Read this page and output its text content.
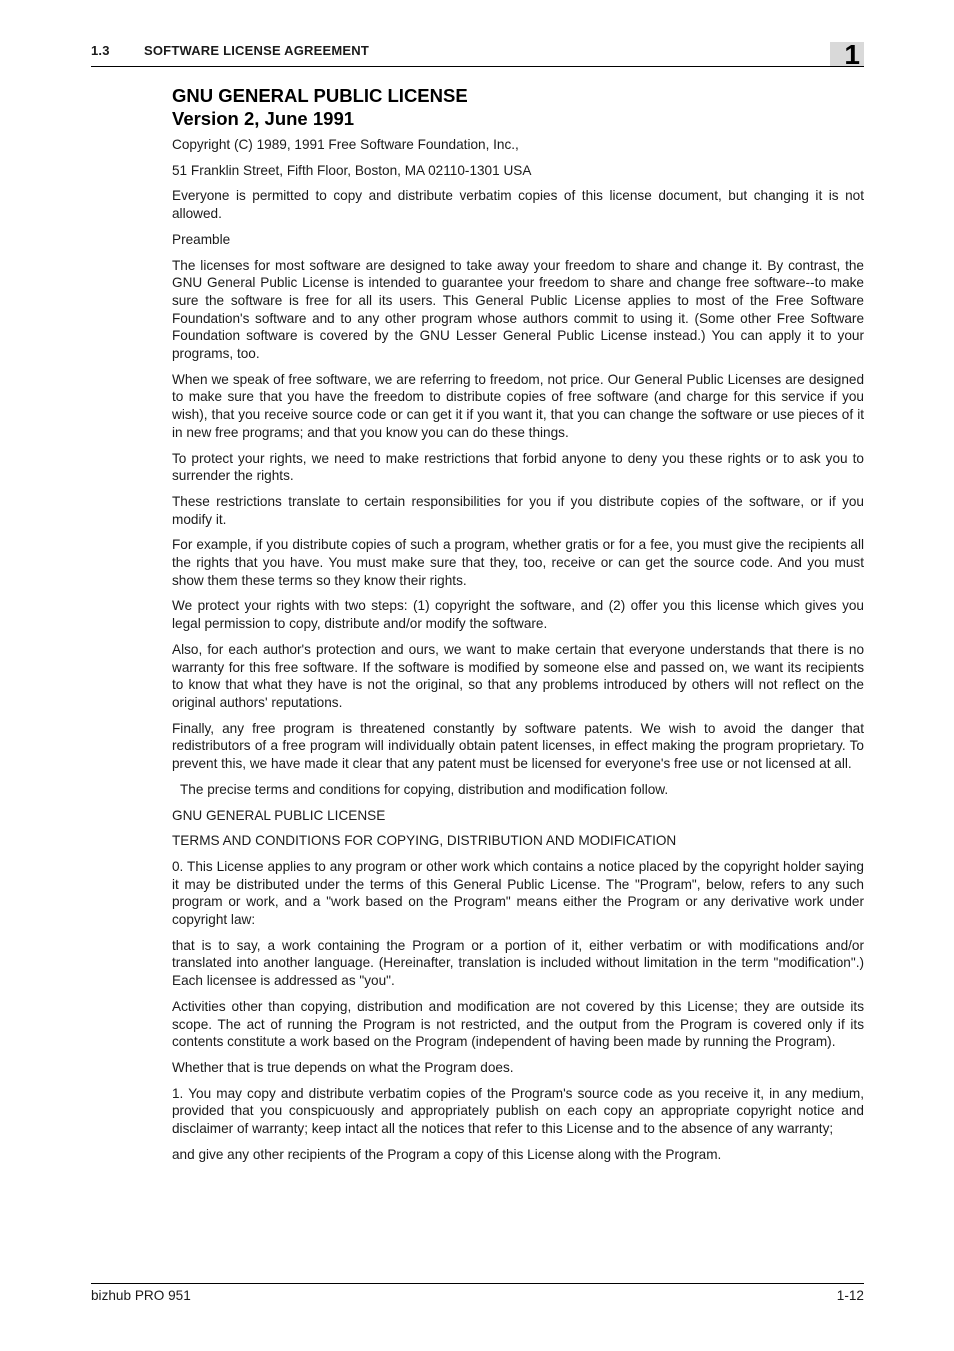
1.3	SOFTWARE LICENSE AGREEMENT	1
GNU GENERAL PUBLIC LICENSE
Version 2, June 1991

Copyright (C) 1989, 1991 Free Software Foundation, Inc.,

51 Franklin Street, Fifth Floor, Boston, MA 02110-1301 USA

Everyone is permitted to copy and distribute verbatim copies of this license document, but changing it is not allowed.

Preamble

The licenses for most software are designed to take away your freedom to share and change it. By contrast, the GNU General Public License is intended to guarantee your freedom to share and change free software--to make sure the software is free for all its users. This General Public License applies to most of the Free Software Foundation's software and to any other program whose authors commit to using it. (Some other Free Software Foundation software is covered by the GNU Lesser General Public License instead.) You can apply it to your programs, too.

When we speak of free software, we are referring to freedom, not price. Our General Public Licenses are designed to make sure that you have the freedom to distribute copies of free software (and charge for this service if you wish), that you receive source code or can get it if you want it, that you can change the software or use pieces of it in new free programs; and that you know you can do these things.

To protect your rights, we need to make restrictions that forbid anyone to deny you these rights or to ask you to surrender the rights.

These restrictions translate to certain responsibilities for you if you distribute copies of the software, or if you modify it.

For example, if you distribute copies of such a program, whether gratis or for a fee, you must give the recipients all the rights that you have. You must make sure that they, too, receive or can get the source code. And you must show them these terms so they know their rights.

We protect your rights with two steps: (1) copyright the software, and (2) offer you this license which gives you legal permission to copy, distribute and/or modify the software.

Also, for each author's protection and ours, we want to make certain that everyone understands that there is no warranty for this free software. If the software is modified by someone else and passed on, we want its recipients to know that what they have is not the original, so that any problems introduced by others will not reflect on the original authors' reputations.

Finally, any free program is threatened constantly by software patents. We wish to avoid the danger that redistributors of a free program will individually obtain patent licenses, in effect making the program proprietary. To prevent this, we have made it clear that any patent must be licensed for everyone's free use or not licensed at all.

The precise terms and conditions for copying, distribution and modification follow.

GNU GENERAL PUBLIC LICENSE

TERMS AND CONDITIONS FOR COPYING, DISTRIBUTION AND MODIFICATION

0. This License applies to any program or other work which contains a notice placed by the copyright holder saying it may be distributed under the terms of this General Public License. The "Program", below, refers to any such program or work, and a "work based on the Program" means either the Program or any derivative work under copyright law:

that is to say, a work containing the Program or a portion of it, either verbatim or with modifications and/or translated into another language. (Hereinafter, translation is included without limitation in the term "modification".) Each licensee is addressed as "you".

Activities other than copying, distribution and modification are not covered by this License; they are outside its scope. The act of running the Program is not restricted, and the output from the Program is covered only if its contents constitute a work based on the Program (independent of having been made by running the Program).

Whether that is true depends on what the Program does.

1. You may copy and distribute verbatim copies of the Program's source code as you receive it, in any medium, provided that you conspicuously and appropriately publish on each copy an appropriate copyright notice and disclaimer of warranty; keep intact all the notices that refer to this License and to the absence of any warranty;

and give any other recipients of the Program a copy of this License along with the Program.

bizhub PRO 951	1-12
